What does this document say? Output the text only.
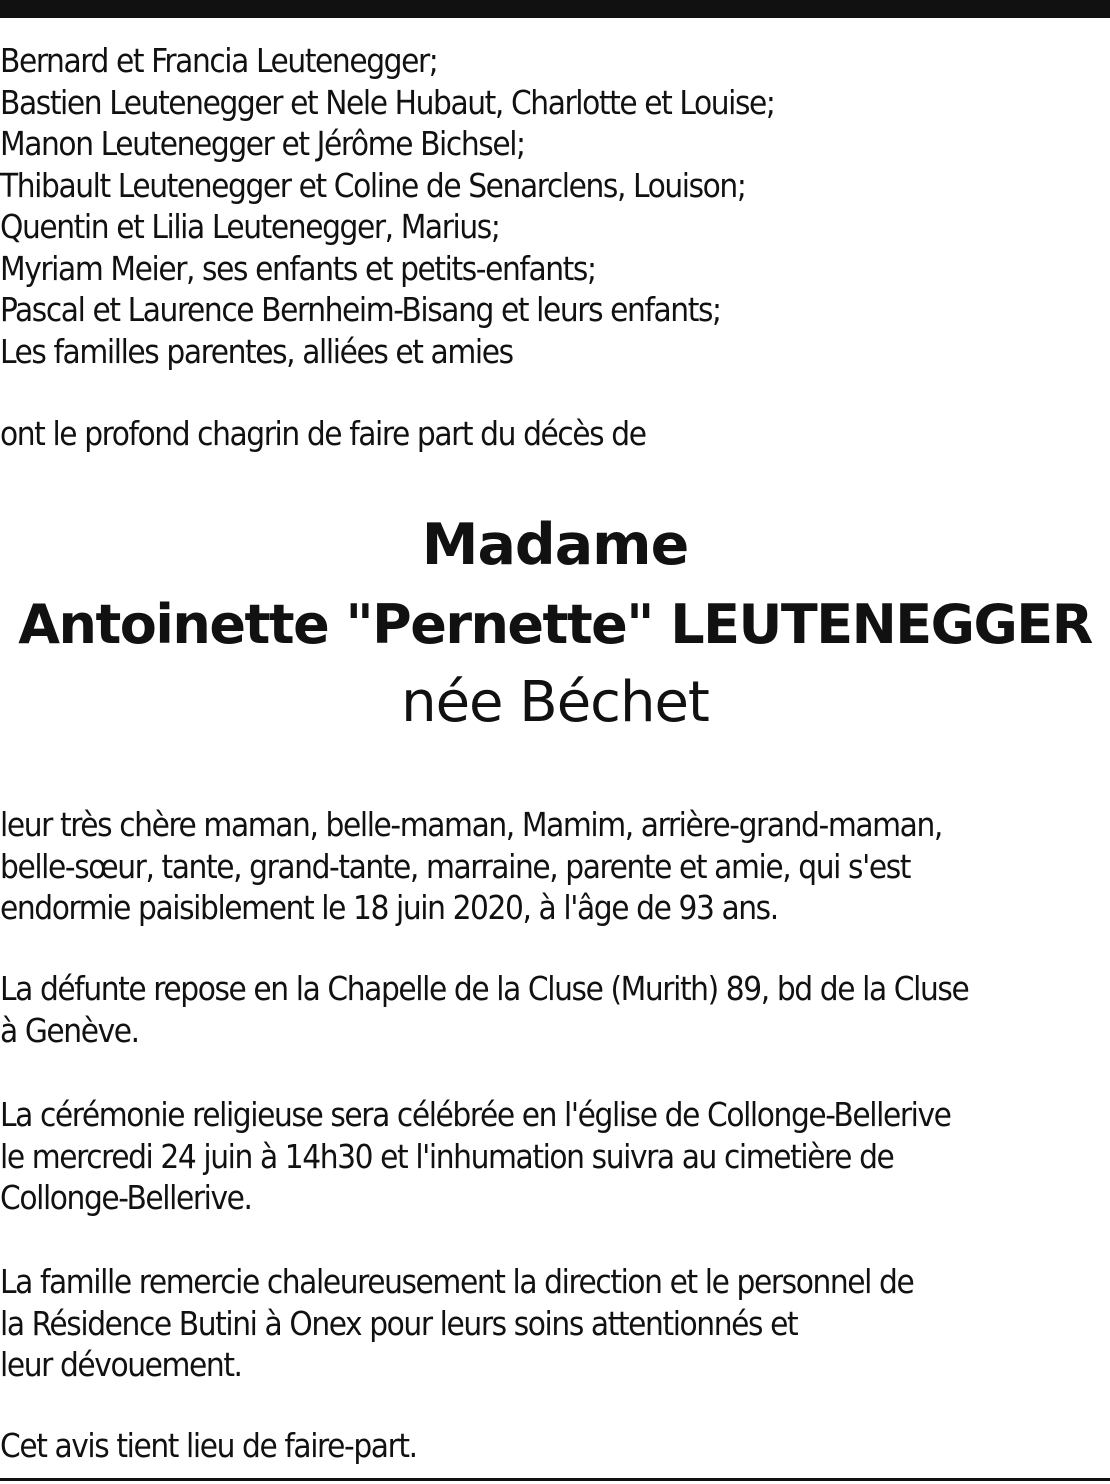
Bernard et Francia Leutenegger;
Bastien Leutenegger et Nele Hubaut, Charlotte et Louise;
Manon Leutenegger et Jérôme Bichsel;
Thibault Leutenegger et Coline de Senarclens, Louison;
Quentin et Lilia Leutenegger, Marius;
Myriam Meier, ses enfants et petits-enfants;
Pascal et Laurence Bernheim-Bisang et leurs enfants;
Les familles parentes, alliées et amies
ont le profond chagrin de faire part du décès de
Madame
Antoinette "Pernette" LEUTENEGGER
née Béchet
leur très chère maman, belle-maman, Mamim, arrière-grand-maman,
belle-sœur, tante, grand-tante, marraine, parente et amie, qui s'est
endormie paisiblement le 18 juin 2020, à l'âge de 93 ans.
La défunte repose en la Chapelle de la Cluse (Murith) 89, bd de la Cluse
à Genève.
La cérémonie religieuse sera célébrée en l'église de Collonge-Bellerive
le mercredi 24 juin à 14h30 et l'inhumation suivra au cimetière de
Collonge-Bellerive.
La famille remercie chaleureusement la direction et le personnel de
la Résidence Butini à Onex pour leurs soins attentionnés et
leur dévouement.
Cet avis tient lieu de faire-part.
